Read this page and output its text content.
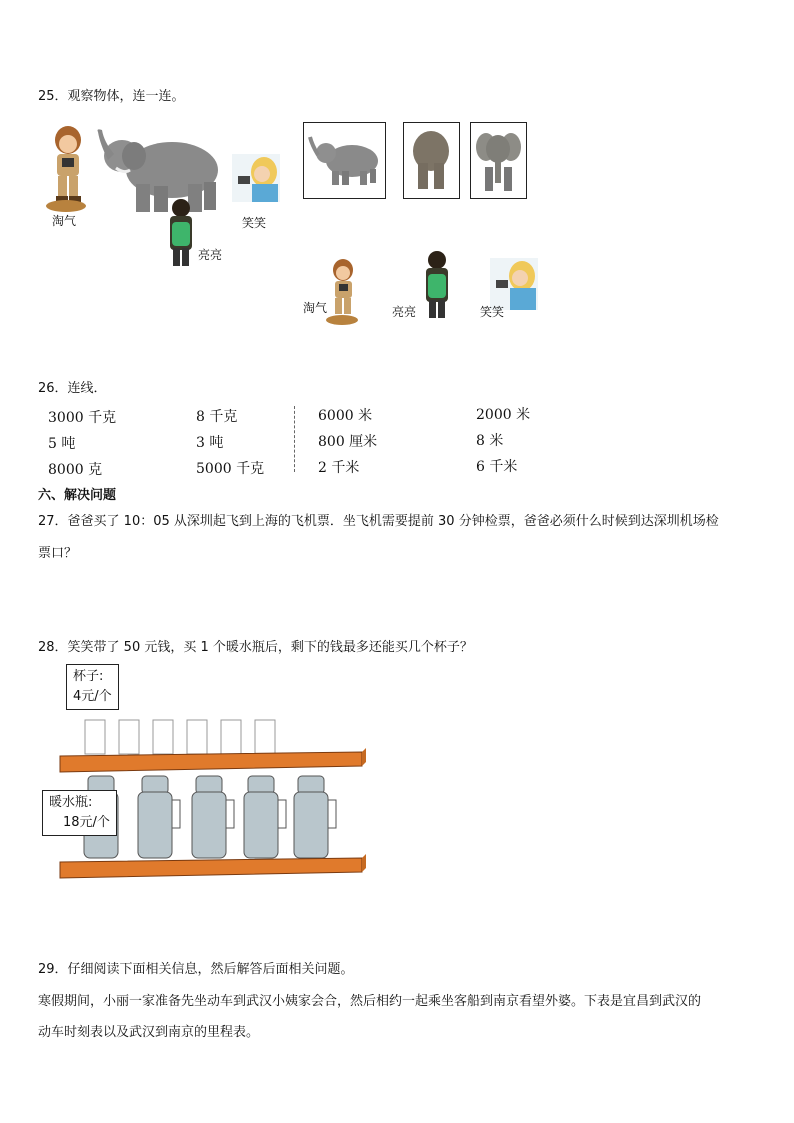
25．观察物体，连一连。
淘气
亮亮
笑笑
淘气	亮亮	笑笑
26．连线．
3000 千克
5 吨
8000 克
8 千克
3 吨
5000 千克
6000 米
800 厘米
2 千米
2000 米
8 米
6 千米
六、解决问题
27．爸爸买了 10：05 从深圳起飞到上海的飞机票．坐飞机需要提前 30 分钟检票，爸爸必须什么时候到达深圳机场检
票口？
28．笑笑带了 50 元钱，买 1 个暖水瓶后，剩下的钱最多还能买几个杯子？
杯子:
4元/个
暖水瓶:
18元/个
29．仔细阅读下面相关信息，然后解答后面相关问题。
寒假期间，小丽一家准备先坐动车到武汉小姨家会合，然后相约一起乘坐客船到南京看望外婆。下表是宜昌到武汉的
动车时刻表以及武汉到南京的里程表。
